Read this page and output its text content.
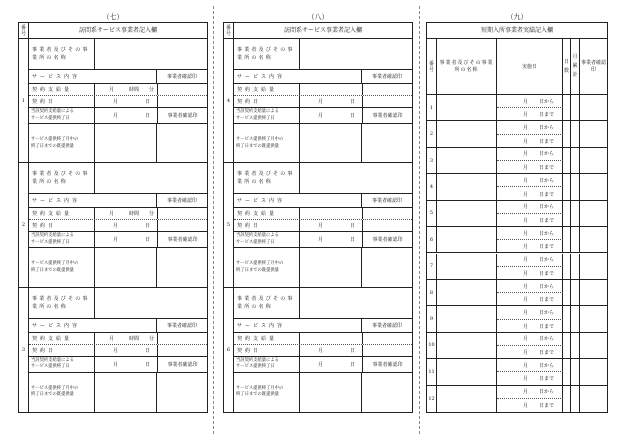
（七）	（八）	（九）
番号	訪問系サービス事業者記入欄
1
事業者及びその事業所の名称
サービス内容	事業者確認印
契約支給量	月	時間	分
契約日	月	日
当該契約支給量による
サービス提供終了日	月	日	事業者確認印
サービス提供終了月中の
終了日までの既提供量
2
事業者及びその事業所の名称
サービス内容	事業者確認印
契約支給量	月	時間	分
契約日	月	日
当該契約支給量による
サービス提供終了日	月	日	事業者確認印
サービス提供終了月中の
終了日までの既提供量
3
事業者及びその事業所の名称
サービス内容	事業者確認印
契約支給量	月	時間	分
契約日	月	日
当該契約支給量による
サービス提供終了日	月	日	事業者確認印
サービス提供終了月中の
終了日までの既提供量
番号	訪問系サービス事業者記入欄
4
事業者及びその事業所の名称
サービス内容	事業者確認印
契約支給量
契約日	月	日
当該契約支給量による
サービス提供終了日	月	日	事業者確認印
サービス提供終了月中の
終了日までの既提供量
5
事業者及びその事業所の名称
サービス内容	事業者確認印
契約支給量
契約日	月	日
当該契約支給量による
サービス提供終了日	月	日	事業者確認印
サービス提供終了月中の
終了日までの既提供量
6
事業者及びその事業所の名称
サービス内容	事業者確認印
契約支給量
契約日	月	日
当該契約支給量による
サービス提供終了日	月	日	事業者確認印
サービス提供終了月中の
終了日までの既提供量
短期入所事業者実績記入欄
番号
事業者及びその事業所の名称	実施日
日数
月累計
事業者確認印
1
月 日から
月 日まで
2
月 日から
月 日まで
3
月 日から
月 日まで
4
月 日から
月 日まで
5
月 日から
月 日まで
6
月 日から
月 日まで
7
月 日から
月 日まで
8
月 日から
月 日まで
9
月 日から
月 日まで
10
月 日から
月 日まで
11
月 日から
月 日まで
12
月 日から
月 日まで
